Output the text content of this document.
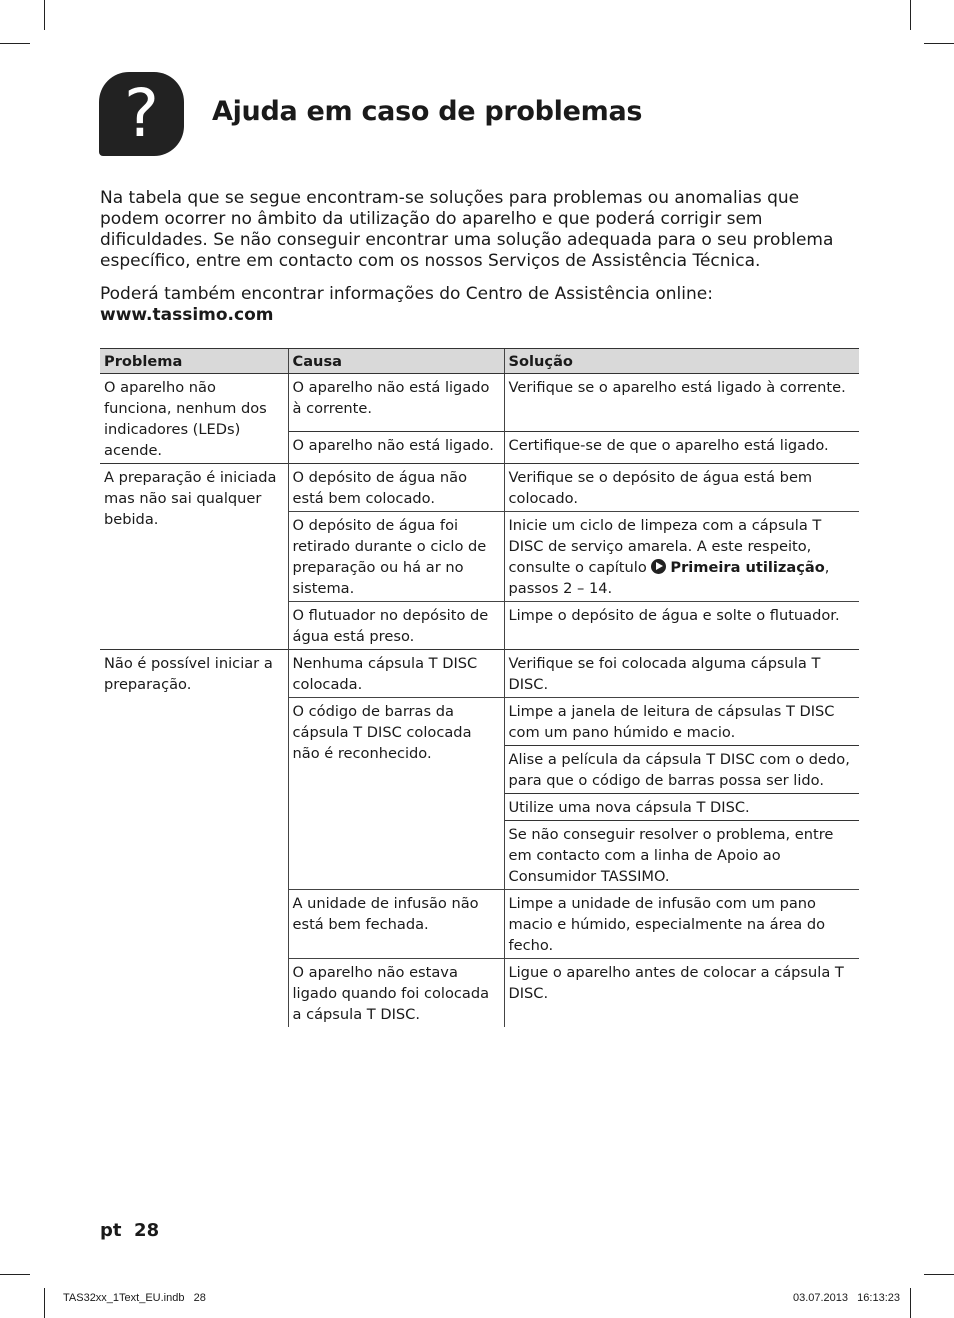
?	Ajuda em caso de problemas

Na tabela que se segue encontram-se soluções para problemas ou anomalias que podem ocorrer no âmbito da utilização do aparelho e que poderá corrigir sem dificuldades. Se não conseguir encontrar uma solução adequada para o seu problema específico, entre em contacto com os nossos Serviços de Assistência Técnica.

Poderá também encontrar informações do Centro de Assistência online:
www.tassimo.com

Problema	Causa	Solução
O aparelho não funciona, nenhum dos indicadores (LEDs) acende.	O aparelho não está ligado à corrente.	Verifique se o aparelho está ligado à corrente.
	O aparelho não está ligado.	Certifique-se de que o aparelho está ligado.
A preparação é iniciada mas não sai qualquer bebida.	O depósito de água não está bem colocado.	Verifique se o depósito de água está bem colocado.
	O depósito de água foi retirado durante o ciclo de preparação ou há ar no sistema.	Inicie um ciclo de limpeza com a cápsula T DISC de serviço amarela. A este respeito, consulte o capítulo Primeira utilização, passos 2 – 14.
	O flutuador no depósito de água está preso.	Limpe o depósito de água e solte o flutuador.
Não é possível iniciar a preparação.	Nenhuma cápsula T DISC colocada.	Verifique se foi colocada alguma cápsula T DISC.
	O código de barras da cápsula T DISC colocada não é reconhecido.	Limpe a janela de leitura de cápsulas T DISC com um pano húmido e macio.
		Alise a película da cápsula T DISC com o dedo, para que o código de barras possa ser lido.
		Utilize uma nova cápsula T DISC.
		Se não conseguir resolver o problema, entre em contacto com a linha de Apoio ao Consumidor TASSIMO.
	A unidade de infusão não está bem fechada.	Limpe a unidade de infusão com um pano macio e húmido, especialmente na área do fecho.
	O aparelho não estava ligado quando foi colocada a cápsula T DISC.	Ligue o aparelho antes de colocar a cápsula T DISC.
pt 28
TAS32xx_1Text_EU.indb   28	03.07.2013   16:13:23
